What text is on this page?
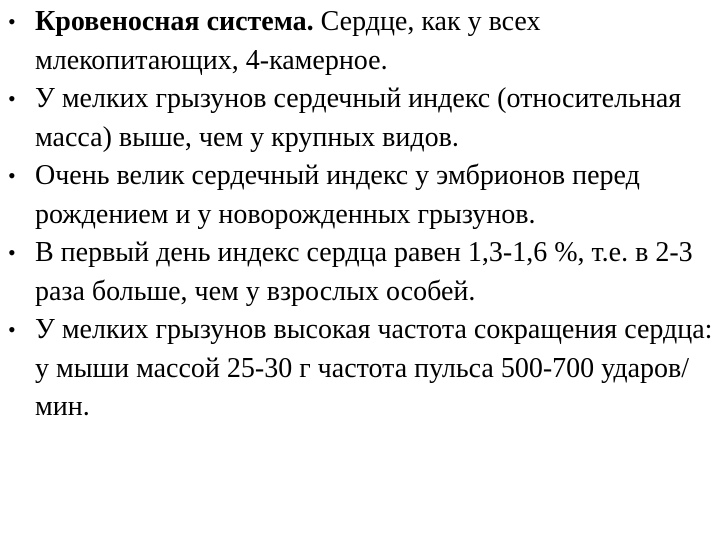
• Кровеносная система. Сердце, как у всех млекопитающих, 4-камерное.
• У мелких грызунов сердечный индекс (относительная масса) выше, чем у крупных видов.
• Очень велик сердечный индекс у эмбрионов перед рождением и у новорожденных грызунов.
• В первый день индекс сердца равен 1,3-1,6 %, т.е. в 2-3 раза больше, чем у взрослых особей.
• У мелких грызунов высокая частота сокращения сердца: у мыши массой 25-30 г частота пульса 500-700 ударов/мин.
